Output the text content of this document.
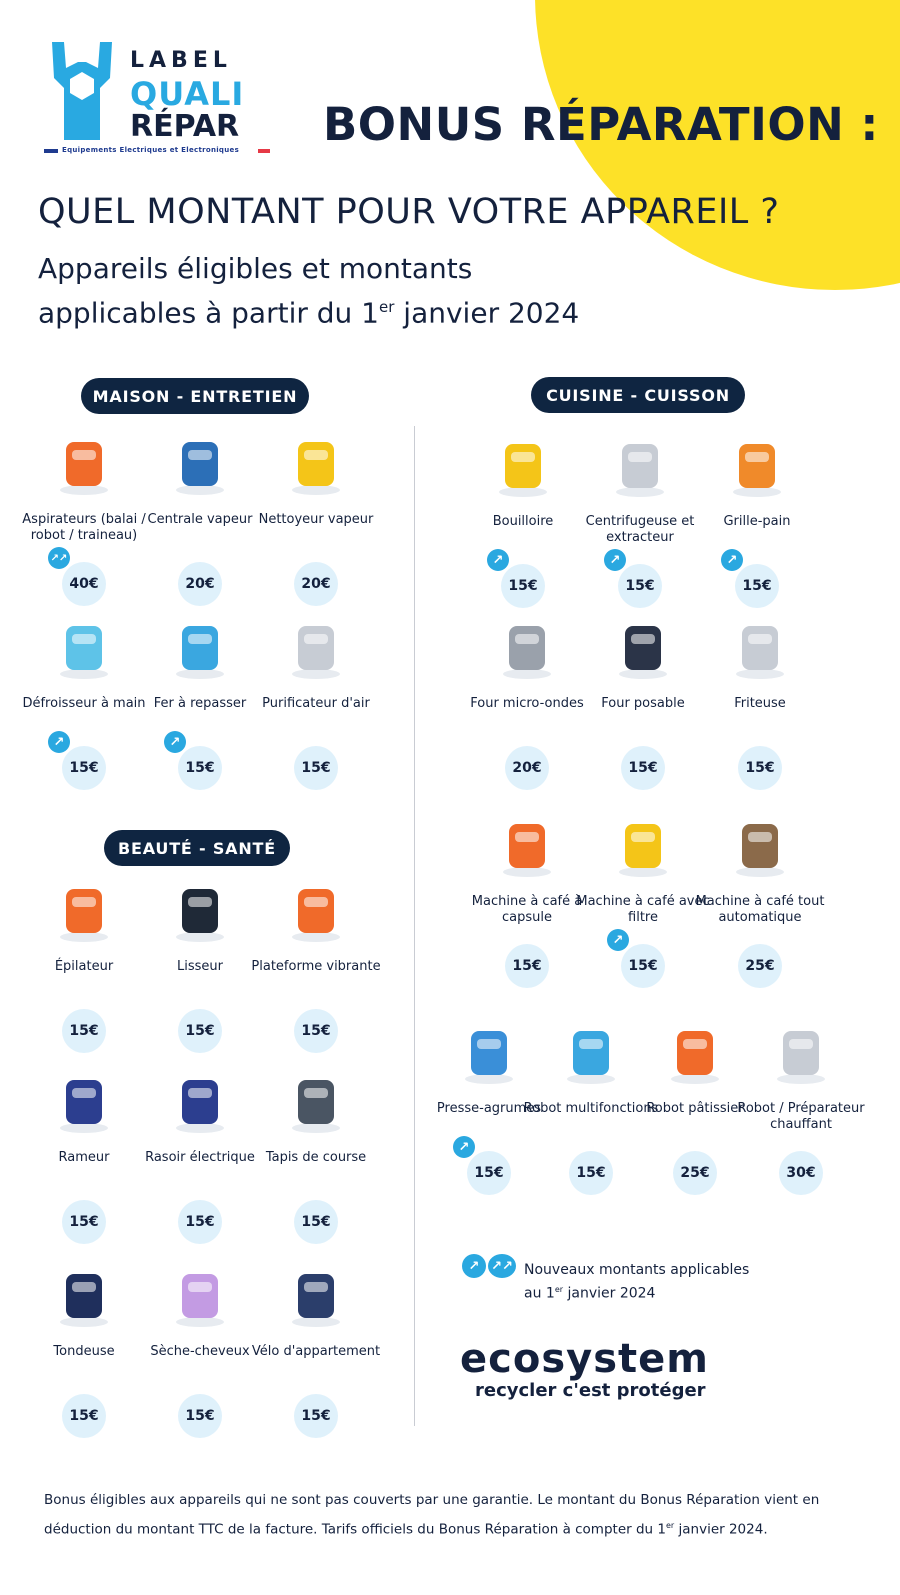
LABEL
QUALI
RÉPAR
Equipements Electriques et Electroniques	BONUS RÉPARATION :
QUEL MONTANT POUR VOTRE APPAREIL ?
Appareils éligibles et montants
applicables à partir du 1er janvier 2024
MAISON - ENTRETIEN
BEAUTÉ - SANTÉ
CUISINE - CUISSON
Aspirateurs (balai / robot / traineau)
↗↗
40€
Centrale vapeur
20€
Nettoyeur vapeur
20€
Défroisseur à main
↗
15€
Fer à repasser
↗
15€
Purificateur d'air
15€
Épilateur
15€
Lisseur
15€
Plateforme vibrante
15€
Rameur
15€
Rasoir électrique
15€
Tapis de course
15€
Tondeuse
15€
Sèche-cheveux
15€
Vélo d'appartement
15€
Bouilloire
↗
15€
Centrifugeuse et extracteur
↗
15€
Grille-pain
↗
15€
Four micro-ondes
20€
Four posable
15€
Friteuse
15€
Machine à café à capsule
15€
Machine à café avec filtre
↗
15€
Machine à café tout automatique
25€
Presse-agrumes
↗
15€
Robot multifonctions
15€
Robot pâtissier
25€
Robot / Préparateur chauffant
30€
↗ ↗↗ Nouveaux montants applicables
au 1er janvier 2024
ecosystem
recycler c'est protéger
Bonus éligibles aux appareils qui ne sont pas couverts par une garantie. Le montant du Bonus Réparation vient en
déduction du montant TTC de la facture. Tarifs officiels du Bonus Réparation à compter du 1er janvier 2024.
